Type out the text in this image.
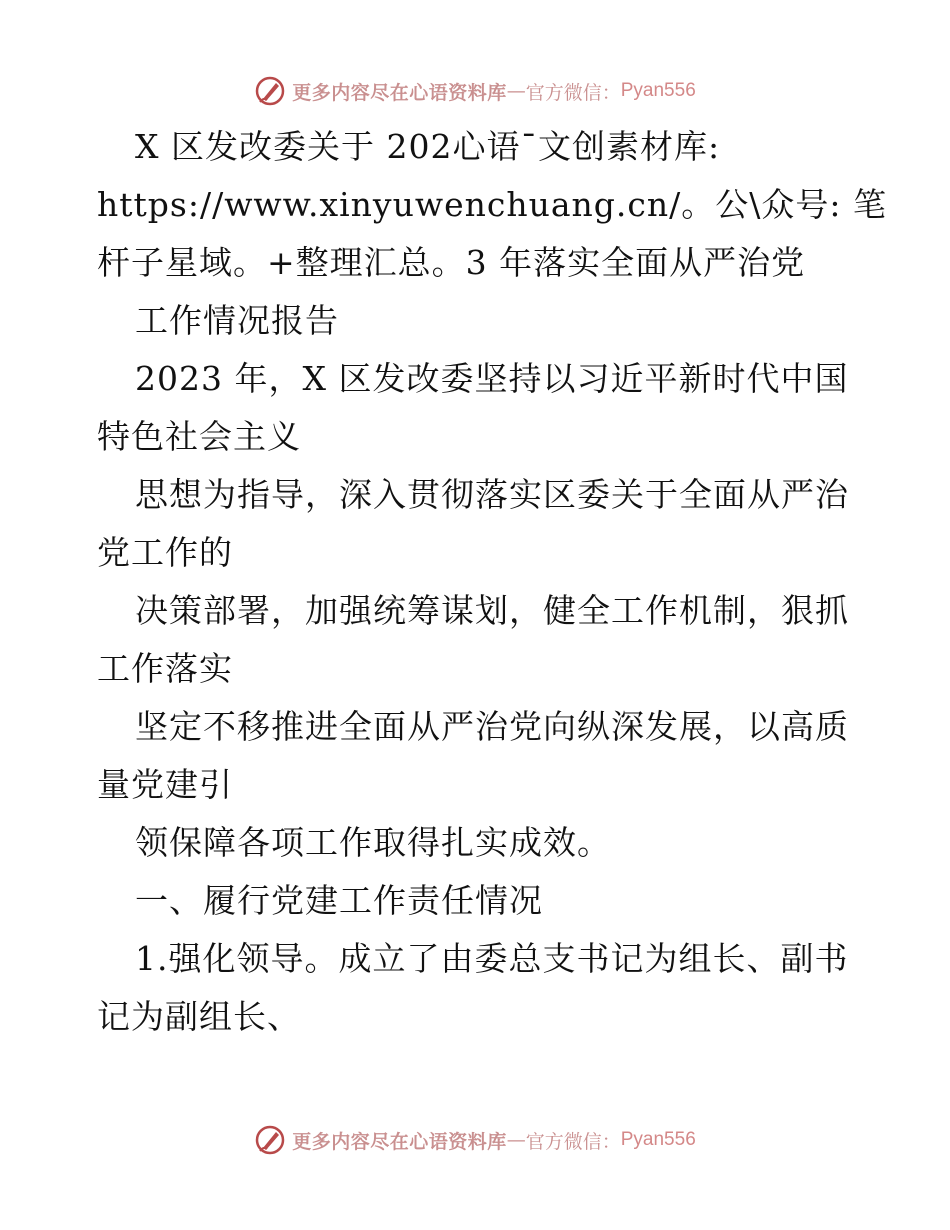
更多内容尽在心语资料库 — 官方微信： Pyan556
X 区发改委关于 202心语¯文创素材库:
https://www.xinyuwenchuang.cn/。公\众号: 笔
杆子星域。+整理汇总。3 年落实全面从严治党
工作情况报告
2023 年，X 区发改委坚持以习近平新时代中国
特色社会主义
思想为指导，深入贯彻落实区委关于全面从严治
党工作的
决策部署，加强统筹谋划，健全工作机制，狠抓
工作落实
坚定不移推进全面从严治党向纵深发展，以高质
量党建引
领保障各项工作取得扎实成效。
一、履行党建工作责任情况
1.强化领导。成立了由委总支书记为组长、副书
记为副组长、
更多内容尽在心语资料库 — 官方微信： Pyan556
